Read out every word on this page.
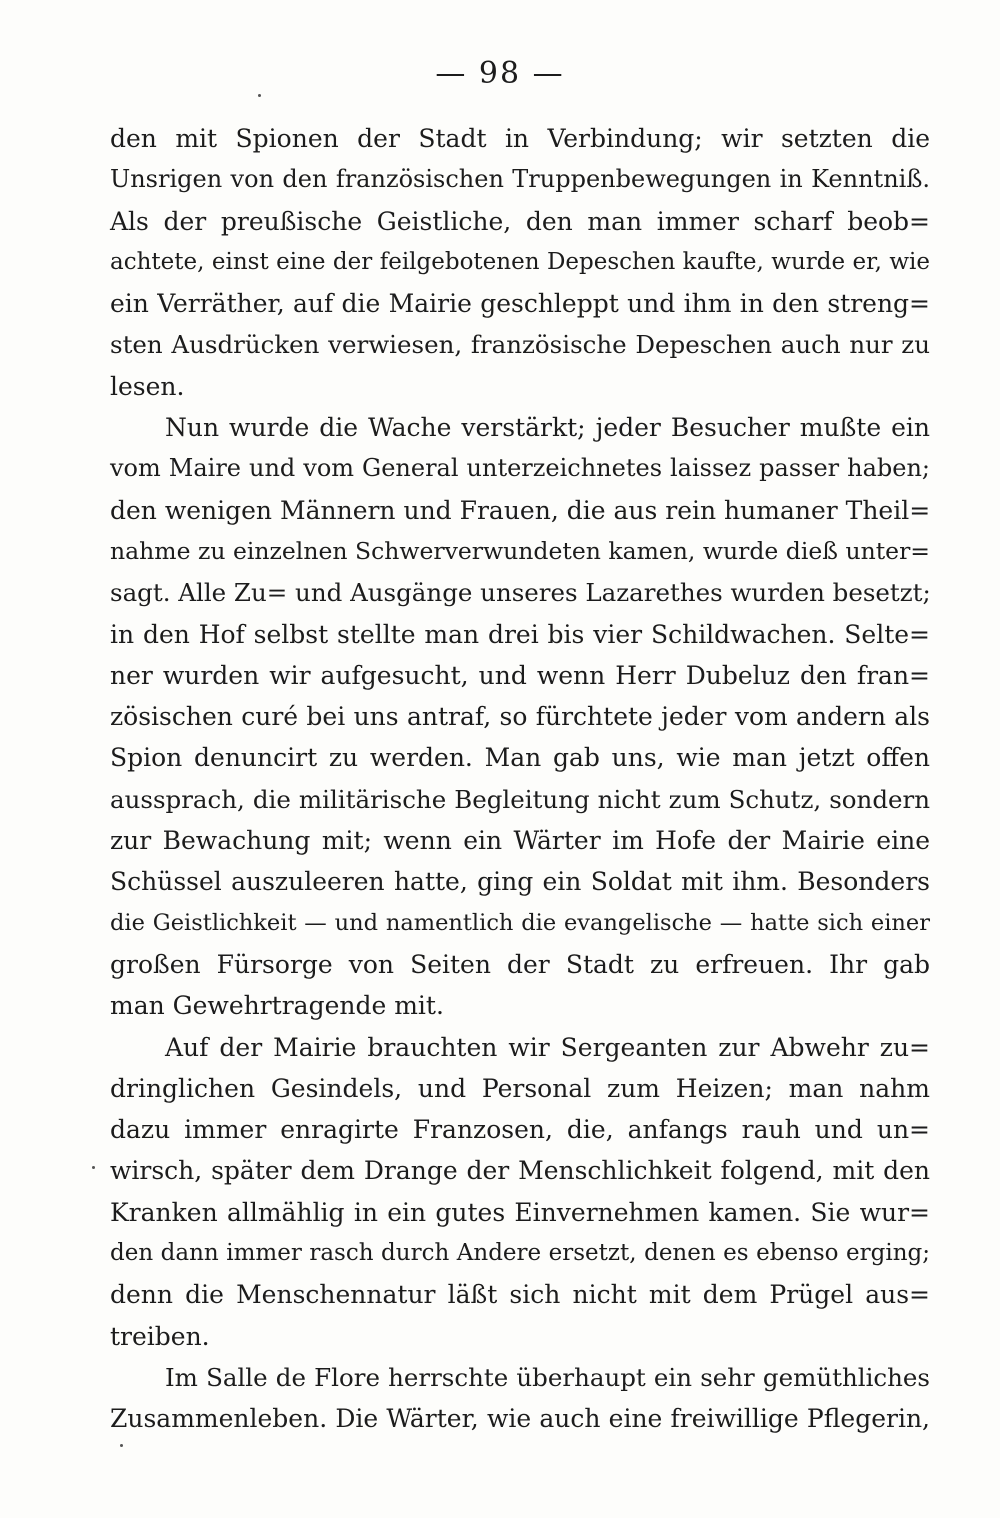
— 98 —
den mit Spionen der Stadt in Verbindung; wir setzten die
Unsrigen von den französischen Truppenbewegungen in Kenntniß.
Als der preußische Geistliche, den man immer scharf beob=
achtete, einst eine der feilgebotenen Depeschen kaufte, wurde er, wie
ein Verräther, auf die Mairie geschleppt und ihm in den streng=
sten Ausdrücken verwiesen, französische Depeschen auch nur zu
lesen.
Nun wurde die Wache verstärkt; jeder Besucher mußte ein
vom Maire und vom General unterzeichnetes laissez passer haben;
den wenigen Männern und Frauen, die aus rein humaner Theil=
nahme zu einzelnen Schwerverwundeten kamen, wurde dieß unter=
sagt. Alle Zu= und Ausgänge unseres Lazarethes wurden besetzt;
in den Hof selbst stellte man drei bis vier Schildwachen. Selte=
ner wurden wir aufgesucht, und wenn Herr Dubeluz den fran=
zösischen curé bei uns antraf, so fürchtete jeder vom andern als
Spion denuncirt zu werden. Man gab uns, wie man jetzt offen
aussprach, die militärische Begleitung nicht zum Schutz, sondern
zur Bewachung mit; wenn ein Wärter im Hofe der Mairie eine
Schüssel auszuleeren hatte, ging ein Soldat mit ihm. Besonders
die Geistlichkeit — und namentlich die evangelische — hatte sich einer
großen Fürsorge von Seiten der Stadt zu erfreuen. Ihr gab
man Gewehrtragende mit.
Auf der Mairie brauchten wir Sergeanten zur Abwehr zu=
dringlichen Gesindels, und Personal zum Heizen; man nahm
dazu immer enragirte Franzosen, die, anfangs rauh und un=
wirsch, später dem Drange der Menschlichkeit folgend, mit den
Kranken allmählig in ein gutes Einvernehmen kamen. Sie wur=
den dann immer rasch durch Andere ersetzt, denen es ebenso erging;
denn die Menschennatur läßt sich nicht mit dem Prügel aus=
treiben.
Im Salle de Flore herrschte überhaupt ein sehr gemüthliches
Zusammenleben. Die Wärter, wie auch eine freiwillige Pflegerin,
